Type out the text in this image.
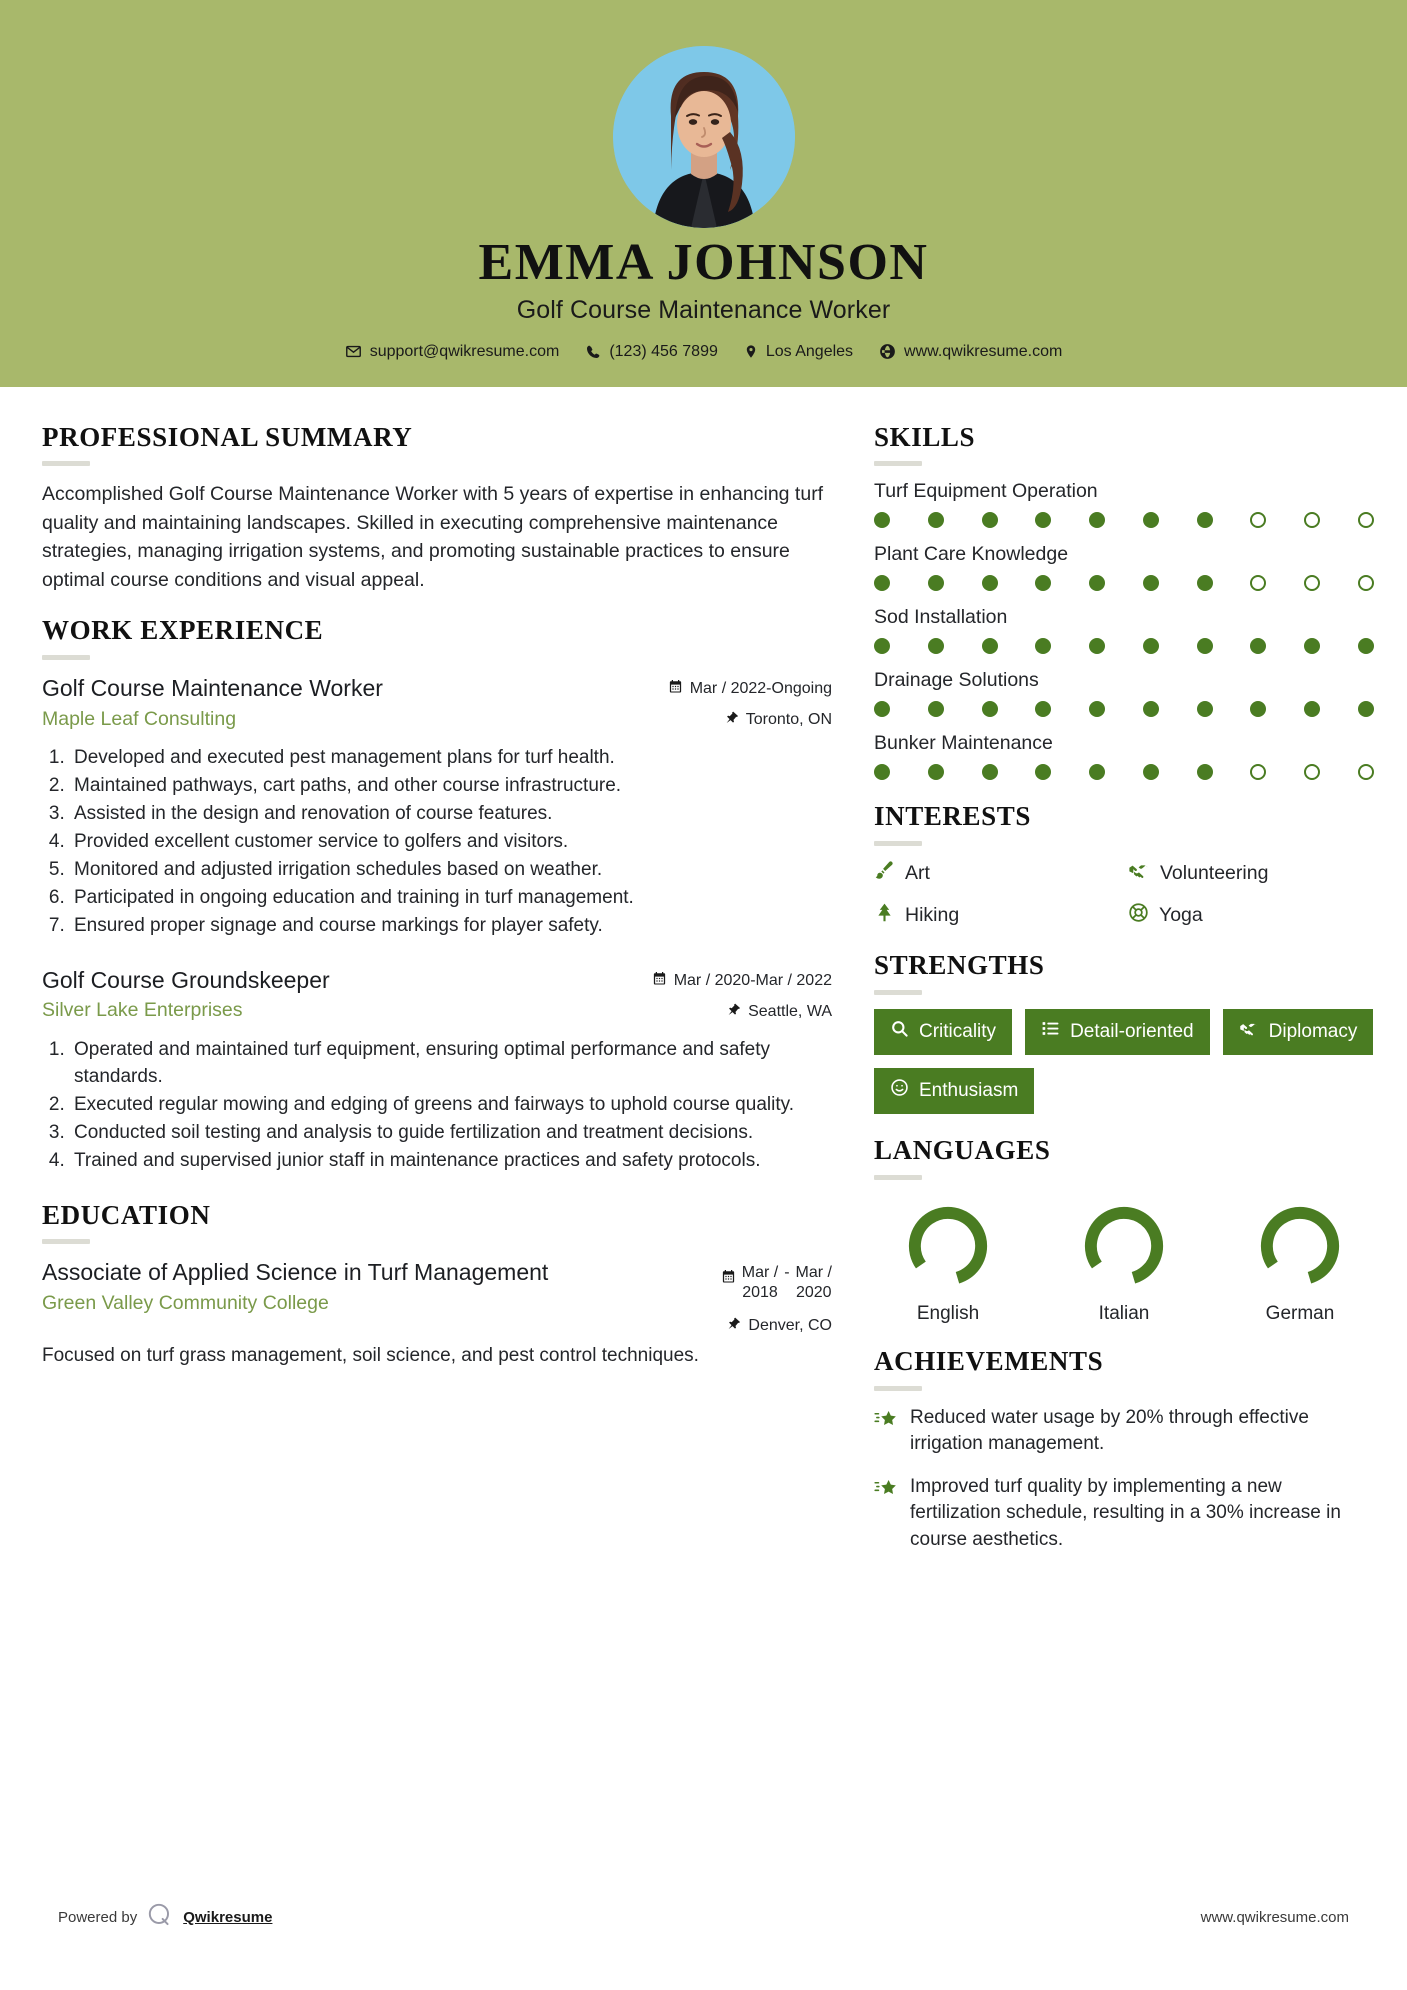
EMMA JOHNSON
Golf Course Maintenance Worker
support@qwikresume.com	(123) 456 7899	Los Angeles	www.qwikresume.com
PROFESSIONAL SUMMARY
Accomplished Golf Course Maintenance Worker with 5 years of expertise in enhancing turf quality and maintaining landscapes. Skilled in executing comprehensive maintenance strategies, managing irrigation systems, and promoting sustainable practices to ensure optimal course conditions and visual appeal.
WORK EXPERIENCE
Golf Course Maintenance Worker
Maple Leaf Consulting
Mar / 2022-Ongoing
Toronto, ON
1. Developed and executed pest management plans for turf health.
2. Maintained pathways, cart paths, and other course infrastructure.
3. Assisted in the design and renovation of course features.
4. Provided excellent customer service to golfers and visitors.
5. Monitored and adjusted irrigation schedules based on weather.
6. Participated in ongoing education and training in turf management.
7. Ensured proper signage and course markings for player safety.
Golf Course Groundskeeper
Silver Lake Enterprises
Mar / 2020-Mar / 2022
Seattle, WA
1. Operated and maintained turf equipment, ensuring optimal performance and safety standards.
2. Executed regular mowing and edging of greens and fairways to uphold course quality.
3. Conducted soil testing and analysis to guide fertilization and treatment decisions.
4. Trained and supervised junior staff in maintenance practices and safety protocols.
EDUCATION
Associate of Applied Science in Turf Management
Green Valley Community College
Mar /
2018
- Mar /
2020
Denver, CO
Focused on turf grass management, soil science, and pest control techniques.
SKILLS
Turf Equipment Operation
Plant Care Knowledge
Sod Installation
Drainage Solutions
Bunker Maintenance
INTERESTS
Art	Volunteering
Hiking	Yoga
STRENGTHS
Criticality	Detail-oriented	Diplomacy
Enthusiasm
LANGUAGES
English	Italian	German
ACHIEVEMENTS
Reduced water usage by 20% through effective irrigation management.
Improved turf quality by implementing a new fertilization schedule, resulting in a 30% increase in course aesthetics.
Powered by	Qwikresume	www.qwikresume.com
